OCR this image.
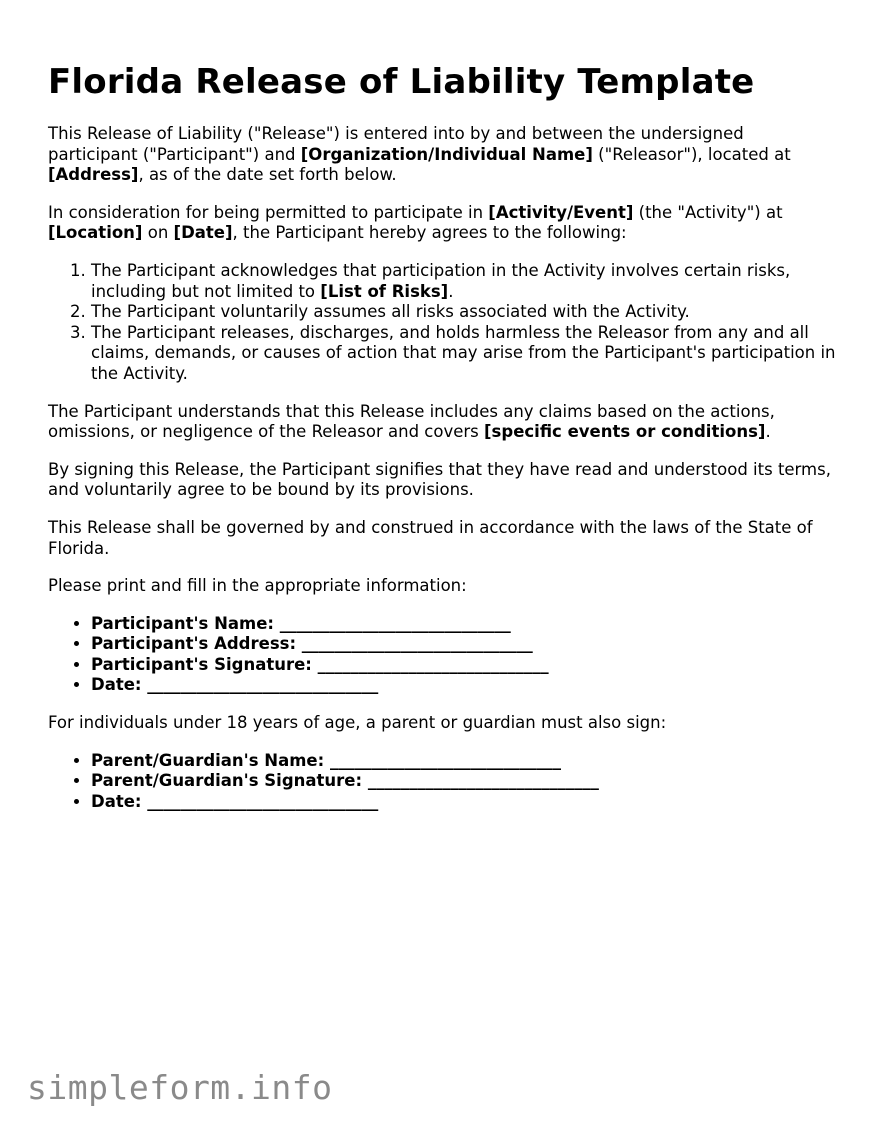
Florida Release of Liability Template

This Release of Liability ("Release") is entered into by and between the undersigned participant ("Participant") and [Organization/Individual Name] ("Releasor"), located at [Address], as of the date set forth below.

In consideration for being permitted to participate in [Activity/Event] (the "Activity") at [Location] on [Date], the Participant hereby agrees to the following:

1. The Participant acknowledges that participation in the Activity involves certain risks, including but not limited to [List of Risks].
2. The Participant voluntarily assumes all risks associated with the Activity.
3. The Participant releases, discharges, and holds harmless the Releasor from any and all claims, demands, or causes of action that may arise from the Participant's participation in the Activity.

The Participant understands that this Release includes any claims based on the actions, omissions, or negligence of the Releasor and covers [specific events or conditions].

By signing this Release, the Participant signifies that they have read and understood its terms, and voluntarily agree to be bound by its provisions.

This Release shall be governed by and construed in accordance with the laws of the State of Florida.

Please print and fill in the appropriate information:

• Participant's Name: ____________________________
• Participant's Address: ____________________________
• Participant's Signature: ____________________________
• Date: ____________________________

For individuals under 18 years of age, a parent or guardian must also sign:

• Parent/Guardian's Name: ____________________________
• Parent/Guardian's Signature: ____________________________
• Date: ____________________________
simpleform.info
